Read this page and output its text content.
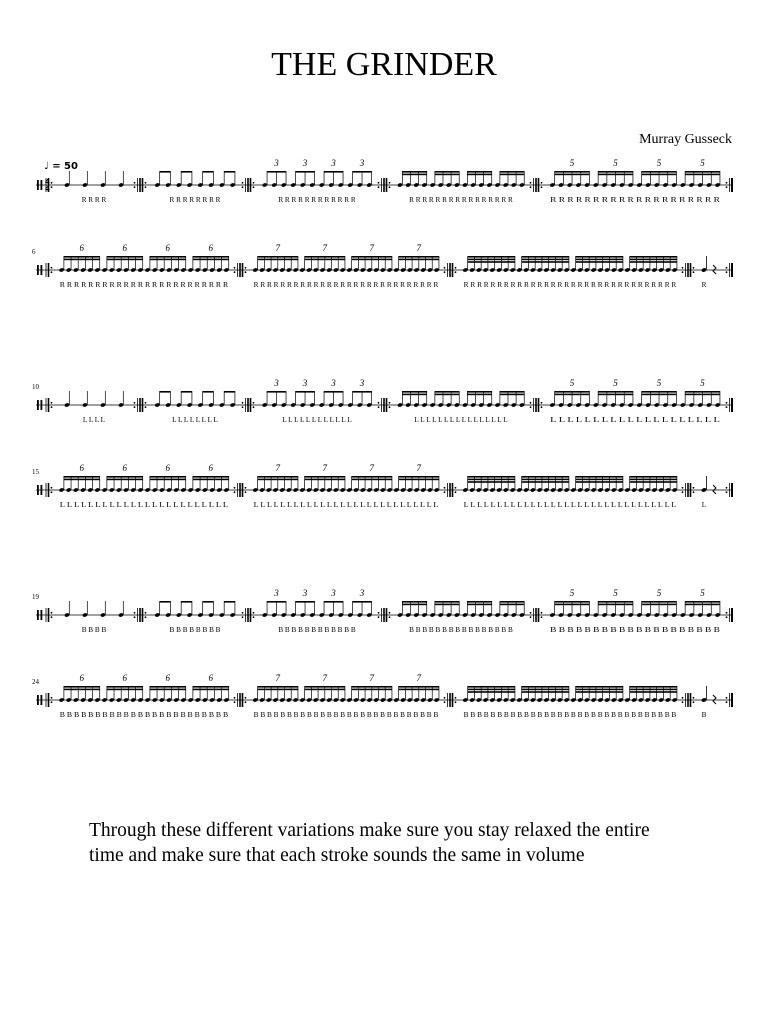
THE GRINDER
Murray Gusseck
♩ = 50
4
4
R R R R	R R R R R R R R
3	3	3	3
R R R R R R R R R R R R	R R R R R R R R R R R R R R R R
5	5	5	5
R R R R R R R R R R R R R R R R R R R R
6	6	6	6	6
R R R R R R R R R R R R R R R R R R R R R R R R
7	7	7	7
R R R R R R R R R R R R R R R R R R R R R R R R R R R R	R R R R R R R R R R R R R R R R R R R R R R R R R R R R R R R R	R
10
L L L L	L L L L L L L L
3	3	3	3
L L L L L L L L L L L L	L L L L L L L L L L L L L L L L
5	5	5	5
L L L L L L L L L L L L L L L L L L L L
15	6	6	6	6
L L L L L L L L L L L L L L L L L L L L L L L L
7	7	7	7
L L L L L L L L L L L L L L L L L L L L L L L L L L L L	L L L L L L L L L L L L L L L L L L L L L L L L L L L L L L L L	L
19
B B B B	B B B B B B B B
3	3	3	3
B B B B B B B B B B B B	B B B B B B B B B B B B B B B B
5	5	5	5
B B B B B B B B B B B B B B B B B B B B
24	6	6	6	6
B B B B B B B B B B B B B B B B B B B B B B B B
7	7	7	7
B B B B B B B B B B B B B B B B B B B B B B B B B B B B	B B B B B B B B B B B B B B B B B B B B B B B B B B B B B B B B	B
Through these different variations make sure you stay relaxed the entire time and make sure that each stroke sounds the same in volume
